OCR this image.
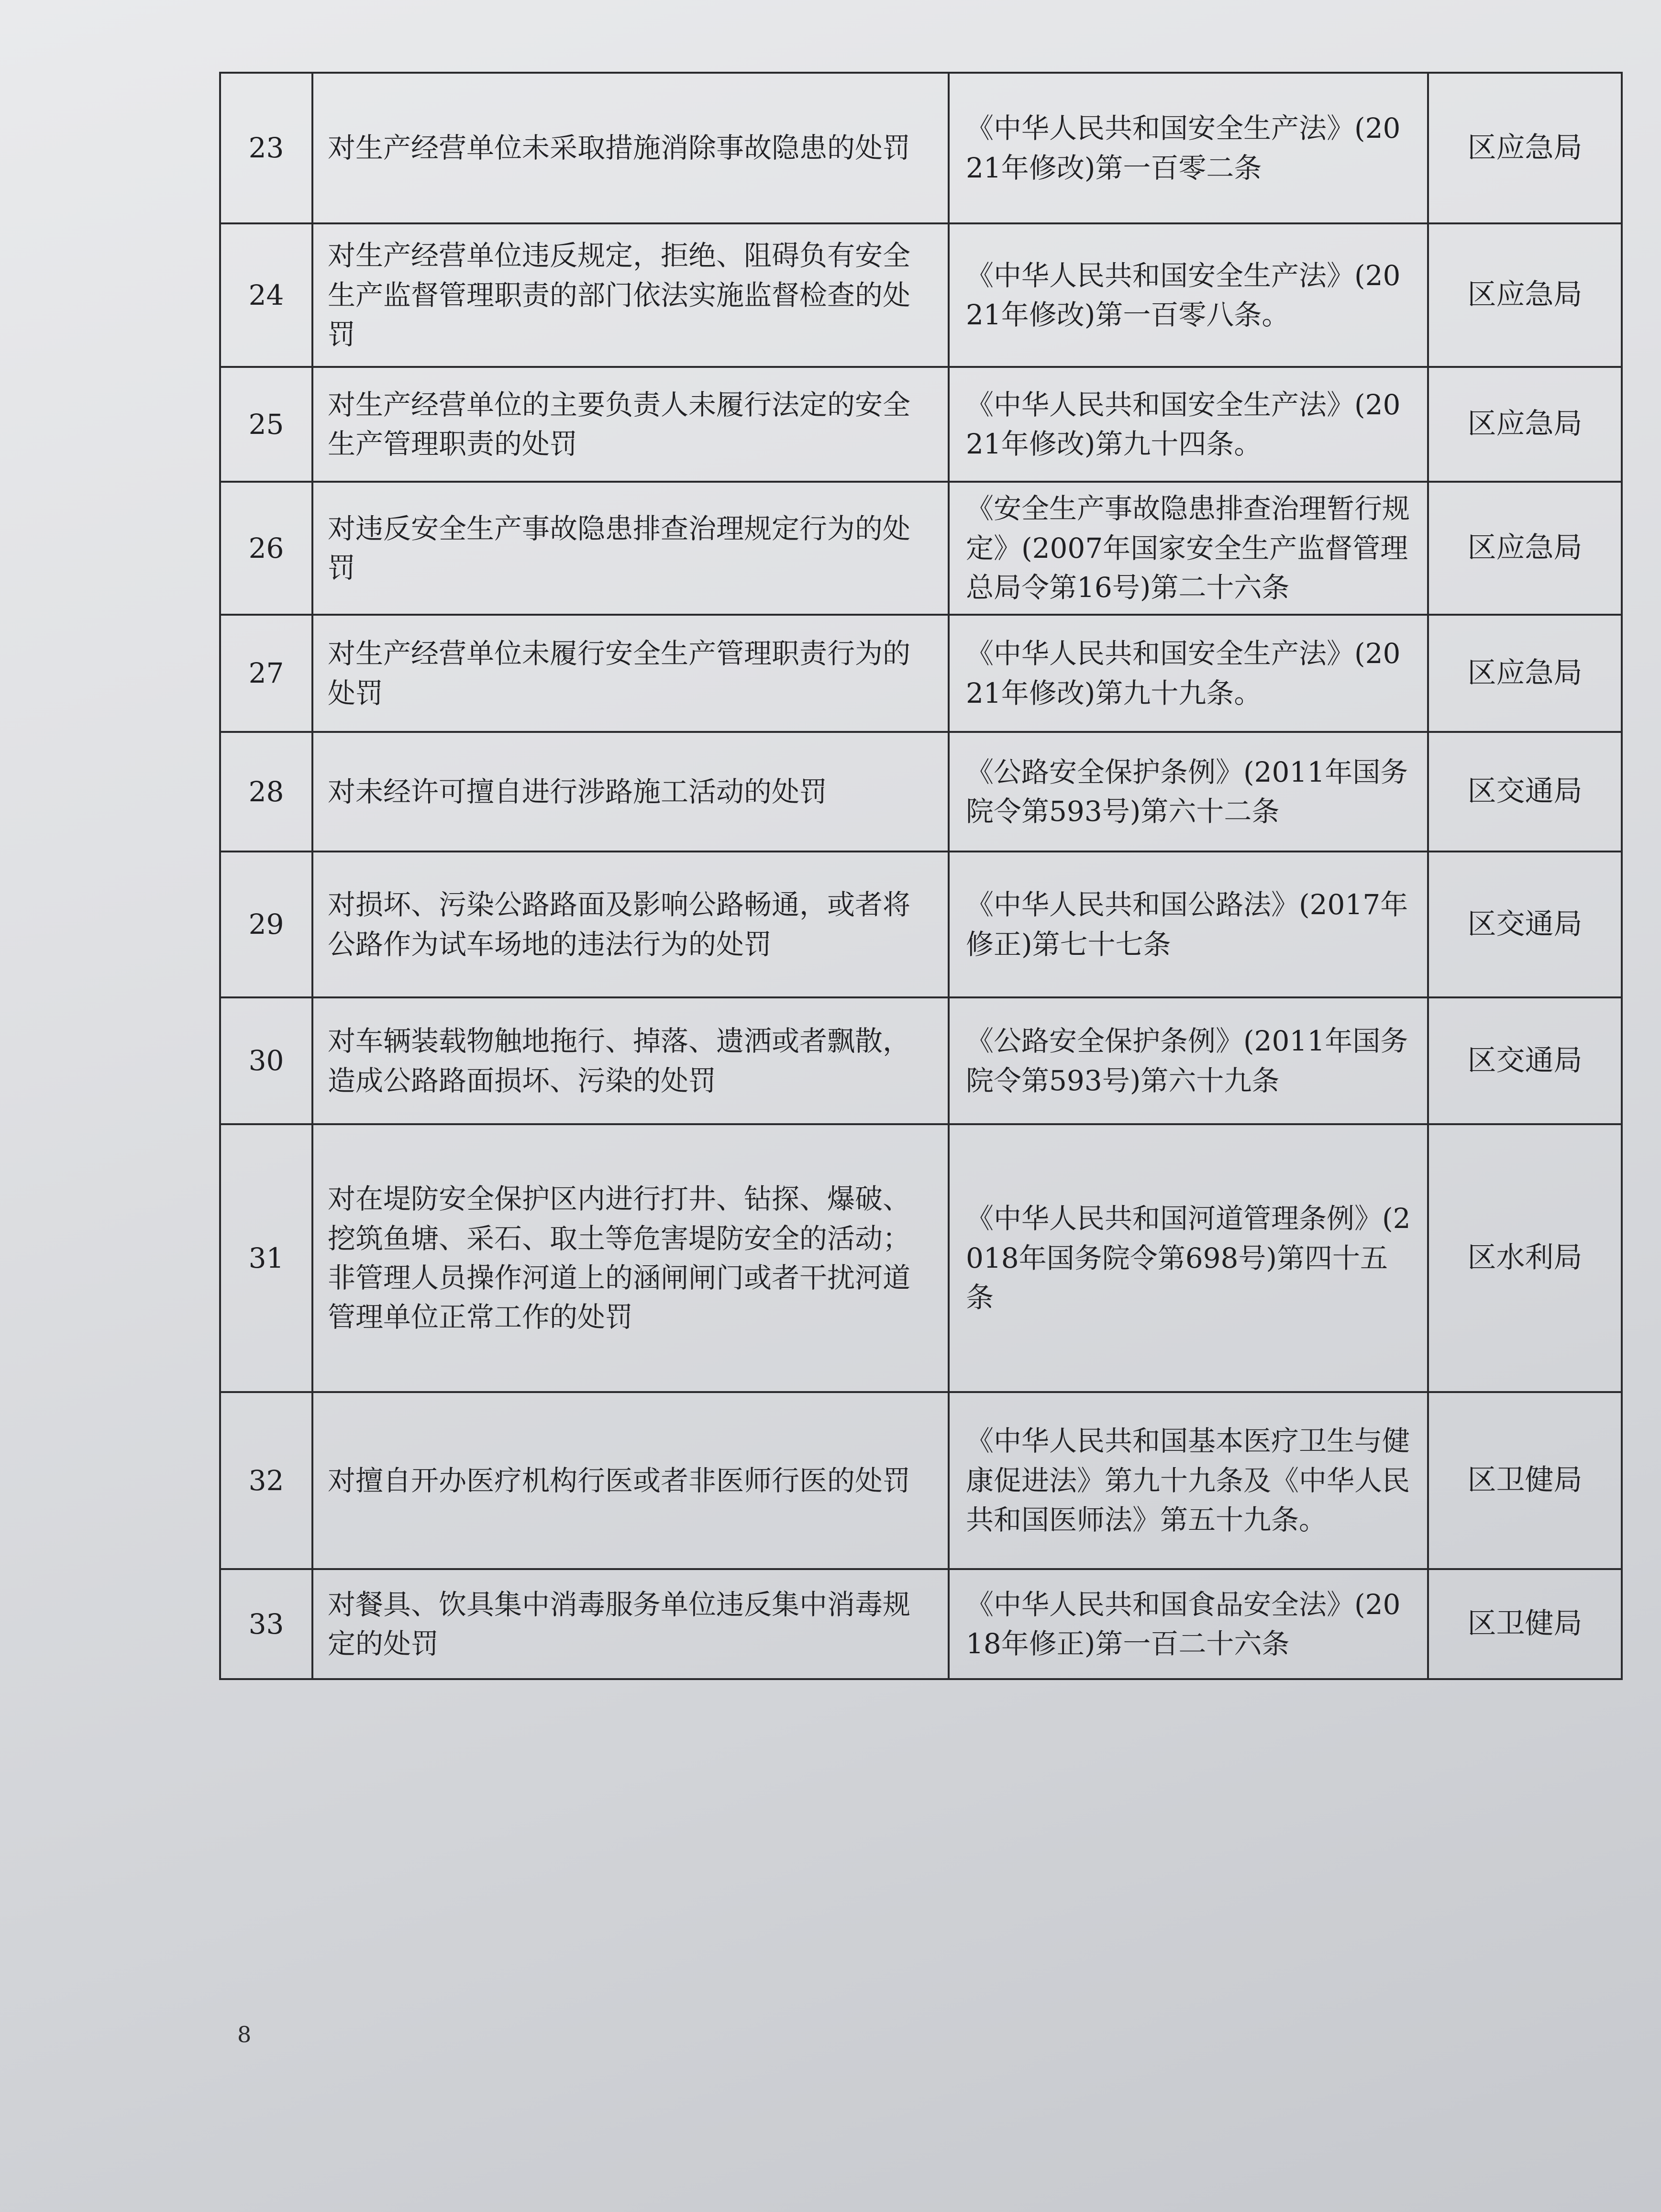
23	对生产经营单位未采取措施消除事故隐患的处罚	《中华人民共和国安全生产法》(2021年修改)第一百零二条	区应急局
24	对生产经营单位违反规定，拒绝、阻碍负有安全生产监督管理职责的部门依法实施监督检查的处罚	《中华人民共和国安全生产法》(2021年修改)第一百零八条。	区应急局
25	对生产经营单位的主要负责人未履行法定的安全生产管理职责的处罚	《中华人民共和国安全生产法》(2021年修改)第九十四条。	区应急局
26	对违反安全生产事故隐患排查治理规定行为的处罚	《安全生产事故隐患排查治理暂行规定》(2007年国家安全生产监督管理总局令第16号)第二十六条	区应急局
27	对生产经营单位未履行安全生产管理职责行为的处罚	《中华人民共和国安全生产法》(2021年修改)第九十九条。	区应急局
28	对未经许可擅自进行涉路施工活动的处罚	《公路安全保护条例》(2011年国务院令第593号)第六十二条	区交通局
29	对损坏、污染公路路面及影响公路畅通，或者将公路作为试车场地的违法行为的处罚	《中华人民共和国公路法》(2017年修正)第七十七条	区交通局
30	对车辆装载物触地拖行、掉落、遗洒或者飘散，造成公路路面损坏、污染的处罚	《公路安全保护条例》(2011年国务院令第593号)第六十九条	区交通局
31	对在堤防安全保护区内进行打井、钻探、爆破、挖筑鱼塘、采石、取土等危害堤防安全的活动；非管理人员操作河道上的涵闸闸门或者干扰河道管理单位正常工作的处罚	《中华人民共和国河道管理条例》(2018年国务院令第698号)第四十五条	区水利局
32	对擅自开办医疗机构行医或者非医师行医的处罚	《中华人民共和国基本医疗卫生与健康促进法》第九十九条及《中华人民共和国医师法》第五十九条。	区卫健局
33	对餐具、饮具集中消毒服务单位违反集中消毒规定的处罚	《中华人民共和国食品安全法》(2018年修正)第一百二十六条	区卫健局
8
